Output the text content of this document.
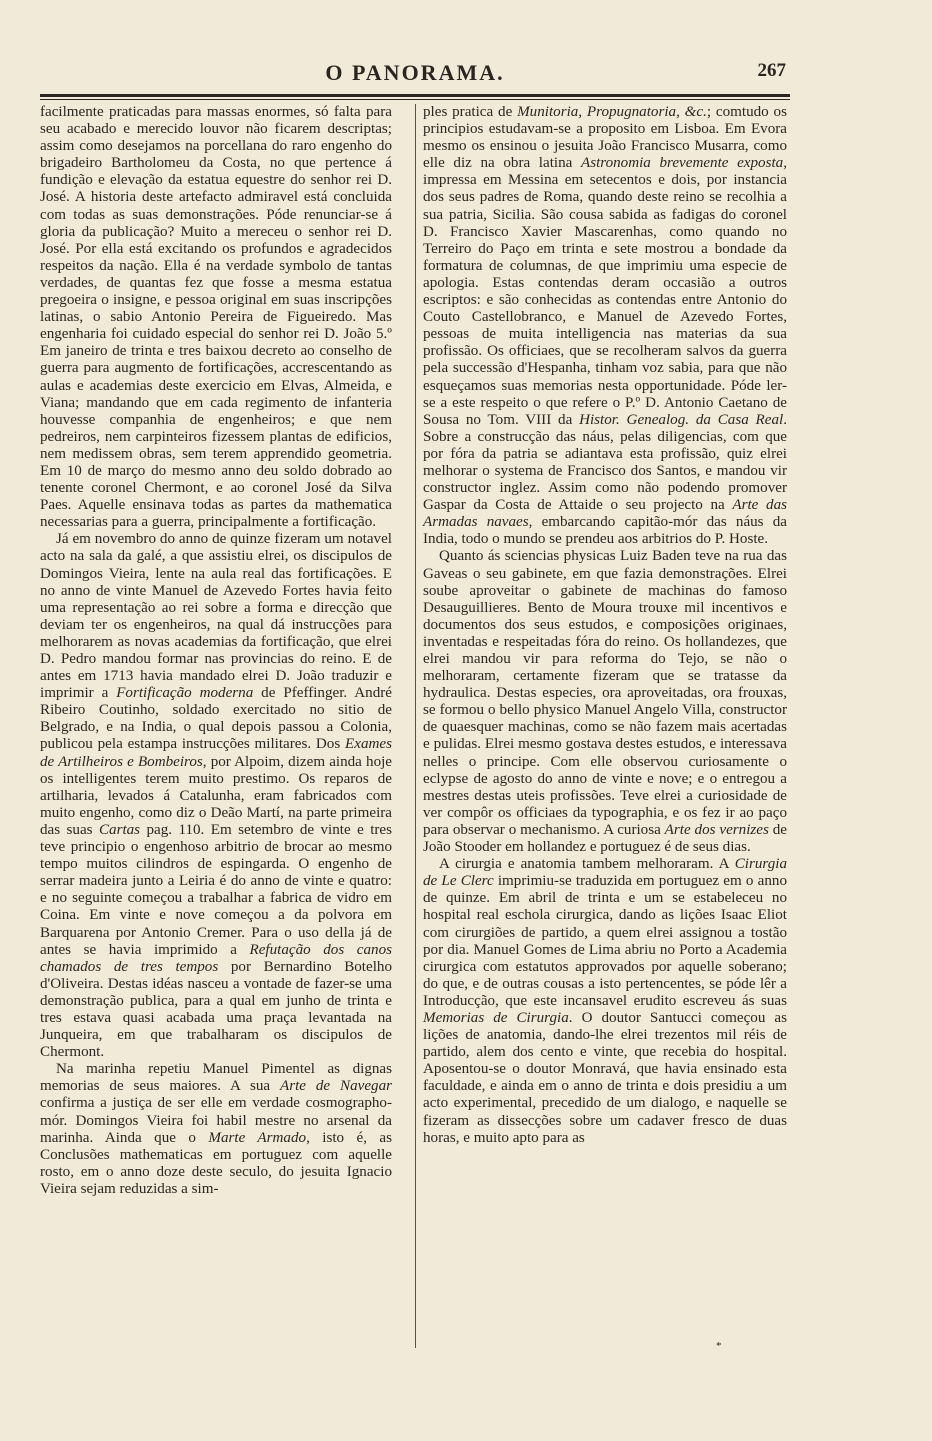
O PANORAMA.	267

facilmente praticadas para massas enormes, só falta para seu acabado e merecido louvor não ficarem descriptas; assim como desejamos na porcellana do raro engenho do brigadeiro Bartholomeu da Costa, no que pertence á fundição e elevação da estatua equestre do senhor rei D. José. A historia deste artefacto admiravel está concluida com todas as suas demonstrações. Póde renunciar-se á gloria da publicação? Muito a mereceu o senhor rei D. José. Por ella está excitando os profundos e agradecidos respeitos da nação. Ella é na verdade symbolo de tantas verdades, de quantas fez que fosse a mesma estatua pregoeira o insigne, e pessoa original em suas inscripções latinas, o sabio Antonio Pereira de Figueiredo. Mas engenharia foi cuidado especial do senhor rei D. João 5.º Em janeiro de trinta e tres baixou decreto ao conselho de guerra para augmento de fortificações, accrescentando as aulas e academias deste exercicio em Elvas, Almeida, e Viana; mandando que em cada regimento de infanteria houvesse companhia de engenheiros; e que nem pedreiros, nem carpinteiros fizessem plantas de edificios, nem medissem obras, sem terem apprendido geometria. Em 10 de março do mesmo anno deu soldo dobrado ao tenente coronel Chermont, e ao coronel José da Silva Paes. Aquelle ensinava todas as partes da mathematica necessarias para a guerra, principalmente a fortificação.

Já em novembro do anno de quinze fizeram um notavel acto na sala da galé, a que assistiu elrei, os discipulos de Domingos Vieira, lente na aula real das fortificações. E no anno de vinte Manuel de Azevedo Fortes havia feito uma representação ao rei sobre a forma e direcção que deviam ter os engenheiros, na qual dá instrucções para melhorarem as novas academias da fortificação, que elrei D. Pedro mandou formar nas provincias do reino. E de antes em 1713 havia mandado elrei D. João traduzir e imprimir a Fortificação moderna de Pfeffinger. André Ribeiro Coutinho, soldado exercitado no sitio de Belgrado, e na India, o qual depois passou a Colonia, publicou pela estampa instrucções militares. Dos Exames de Artilheiros e Bombeiros, por Alpoim, dizem ainda hoje os intelligentes terem muito prestimo. Os reparos de artilharia, levados á Catalunha, eram fabricados com muito engenho, como diz o Deão Martí, na parte primeira das suas Cartas pag. 110. Em setembro de vinte e tres teve principio o engenhoso arbitrio de brocar ao mesmo tempo muitos cilindros de espingarda. O engenho de serrar madeira junto a Leiria é do anno de vinte e quatro: e no seguinte começou a trabalhar a fabrica de vidro em Coina. Em vinte e nove começou a da polvora em Barquarena por Antonio Cremer. Para o uso della já de antes se havia imprimido a Refutação dos canos chamados de tres tempos por Bernardino Botelho d'Oliveira. Destas idéas nasceu a vontade de fazer-se uma demonstração publica, para a qual em junho de trinta e tres estava quasi acabada uma praça levantada na Junqueira, em que trabalharam os discipulos de Chermont.

Na marinha repetiu Manuel Pimentel as dignas memorias de seus maiores. A sua Arte de Navegar confirma a justiça de ser elle em verdade cosmographo-mór. Domingos Vieira foi habil mestre no arsenal da marinha. Ainda que o Marte Armado, isto é, as Conclusões mathematicas em portuguez com aquelle rosto, em o anno doze deste seculo, do jesuita Ignacio Vieira sejam reduzidas a sim-

ples pratica de Munitoria, Propugnatoria, &c.; comtudo os principios estudavam-se a proposito em Lisboa. Em Evora mesmo os ensinou o jesuita João Francisco Musarra, como elle diz na obra latina Astronomia brevemente exposta, impressa em Messina em setecentos e dois, por instancia dos seus padres de Roma, quando deste reino se recolhia a sua patria, Sicilia. São cousa sabida as fadigas do coronel D. Francisco Xavier Mascarenhas, como quando no Terreiro do Paço em trinta e sete mostrou a bondade da formatura de columnas, de que imprimiu uma especie de apologia. Estas contendas deram occasião a outros escriptos: e são conhecidas as contendas entre Antonio do Couto Castellobranco, e Manuel de Azevedo Fortes, pessoas de muita intelligencia nas materias da sua profissão. Os officiaes, que se recolheram salvos da guerra pela successão d'Hespanha, tinham voz sabia, para que não esqueçamos suas memorias nesta opportunidade. Póde ler-se a este respeito o que refere o P.º D. Antonio Caetano de Sousa no Tom. VIII da Histor. Genealog. da Casa Real. Sobre a construcção das náus, pelas diligencias, com que por fóra da patria se adiantava esta profissão, quiz elrei melhorar o systema de Francisco dos Santos, e mandou vir constructor inglez. Assim como não podendo promover Gaspar da Costa de Attaide o seu projecto na Arte das Armadas navaes, embarcando capitão-mór das náus da India, todo o mundo se prendeu aos arbitrios do P. Hoste.

Quanto ás sciencias physicas Luiz Baden teve na rua das Gaveas o seu gabinete, em que fazia demonstrações. Elrei soube aproveitar o gabinete de machinas do famoso Desauguillieres. Bento de Moura trouxe mil incentivos e documentos dos seus estudos, e composições originaes, inventadas e respeitadas fóra do reino. Os hollandezes, que elrei mandou vir para reforma do Tejo, se não o melhoraram, certamente fizeram que se tratasse da hydraulica. Destas especies, ora aproveitadas, ora frouxas, se formou o bello physico Manuel Angelo Villa, constructor de quaesquer machinas, como se não fazem mais acertadas e pulidas. Elrei mesmo gostava destes estudos, e interessava nelles o principe. Com elle observou curiosamente o eclypse de agosto do anno de vinte e nove; e o entregou a mestres destas uteis profissões. Teve elrei a curiosidade de ver compôr os officiaes da typographia, e os fez ir ao paço para observar o mechanismo. A curiosa Arte dos vernizes de João Stooder em hollandez e portuguez é de seus dias.

A cirurgia e anatomia tambem melhoraram. A Cirurgia de Le Clerc imprimiu-se traduzida em portuguez em o anno de quinze. Em abril de trinta e um se estabeleceu no hospital real eschola cirurgica, dando as lições Isaac Eliot com cirurgiões de partido, a quem elrei assignou a tostão por dia. Manuel Gomes de Lima abriu no Porto a Academia cirurgica com estatutos approvados por aquelle soberano; do que, e de outras cousas a isto pertencentes, se póde lêr a Introducção, que este incansavel erudito escreveu ás suas Memorias de Cirurgia. O doutor Santucci começou as lições de anatomia, dando-lhe elrei trezentos mil réis de partido, alem dos cento e vinte, que recebia do hospital. Aposentou-se o doutor Monravá, que havia ensinado esta faculdade, e ainda em o anno de trinta e dois presidiu a um acto experimental, precedido de um dialogo, e naquelle se fizeram as dissecções sobre um cadaver fresco de duas horas, e muito apto para as

*
